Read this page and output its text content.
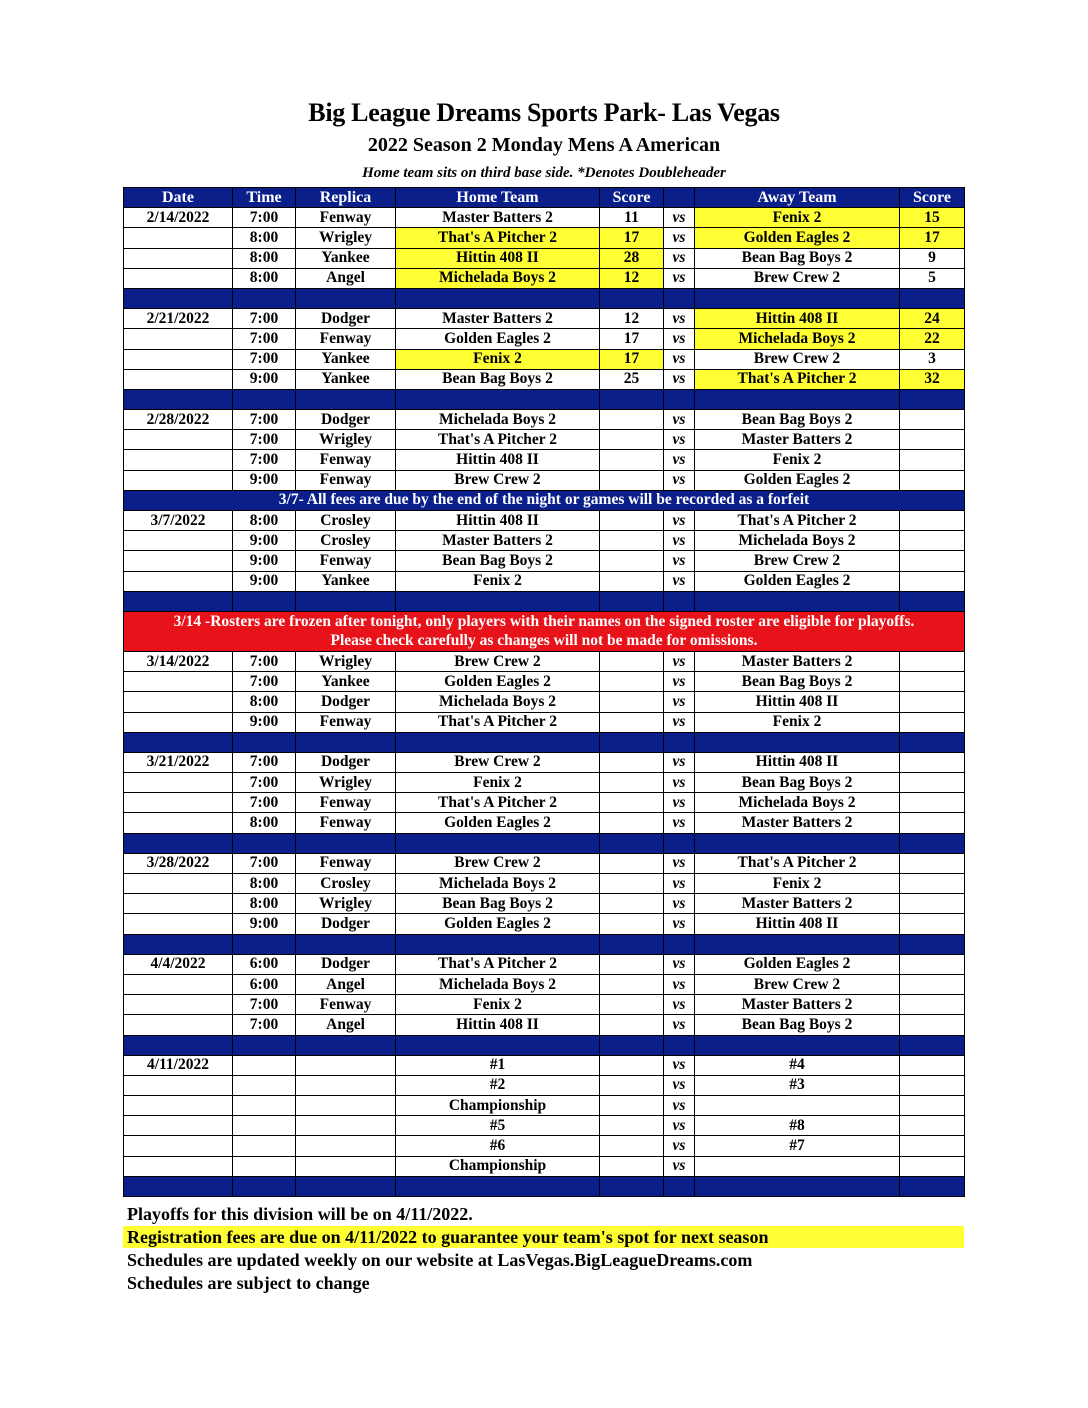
Big League Dreams Sports Park- Las Vegas
2022 Season 2 Monday Mens A American
Home team sits on third base side. *Denotes Doubleheader
Date	Time	Replica	Home Team	Score		Away Team	Score
2/14/2022	7:00	Fenway	Master Batters 2	11	vs	Fenix 2	15
	8:00	Wrigley	That's A Pitcher 2	17	vs	Golden Eagles 2	17
	8:00	Yankee	Hittin 408 II	28	vs	Bean Bag Boys 2	9
	8:00	Angel	Michelada Boys 2	12	vs	Brew Crew 2	5

2/21/2022	7:00	Dodger	Master Batters 2	12	vs	Hittin 408 II	24
	7:00	Fenway	Golden Eagles 2	17	vs	Michelada Boys 2	22
	7:00	Yankee	Fenix 2	17	vs	Brew Crew 2	3
	9:00	Yankee	Bean Bag Boys 2	25	vs	That's A Pitcher 2	32

2/28/2022	7:00	Dodger	Michelada Boys 2		vs	Bean Bag Boys 2	
	7:00	Wrigley	That's A Pitcher 2		vs	Master Batters 2	
	7:00	Fenway	Hittin 408 II		vs	Fenix 2	
	9:00	Fenway	Brew Crew 2		vs	Golden Eagles 2	
3/7- All fees are due by the end of the night or games will be recorded as a forfeit							
3/7/2022	8:00	Crosley	Hittin 408 II		vs	That's A Pitcher 2	
	9:00	Crosley	Master Batters 2		vs	Michelada Boys 2	
	9:00	Fenway	Bean Bag Boys 2		vs	Brew Crew 2	
	9:00	Yankee	Fenix 2		vs	Golden Eagles 2	

3/14 -Rosters are frozen after tonight, only players with their names on the signed roster are eligible for playoffs.
Please check carefully as changes will not be made for omissions.							

3/14/2022	7:00	Wrigley	Brew Crew 2		vs	Master Batters 2	
	7:00	Yankee	Golden Eagles 2		vs	Bean Bag Boys 2	
	8:00	Dodger	Michelada Boys 2		vs	Hittin 408 II	
	9:00	Fenway	That's A Pitcher 2		vs	Fenix 2	

3/21/2022	7:00	Dodger	Brew Crew 2		vs	Hittin 408 II	
	7:00	Wrigley	Fenix 2		vs	Bean Bag Boys 2	
	7:00	Fenway	That's A Pitcher 2		vs	Michelada Boys 2	
	8:00	Fenway	Golden Eagles 2		vs	Master Batters 2	

3/28/2022	7:00	Fenway	Brew Crew 2		vs	That's A Pitcher 2	
	8:00	Crosley	Michelada Boys 2		vs	Fenix 2	
	8:00	Wrigley	Bean Bag Boys 2		vs	Master Batters 2	
	9:00	Dodger	Golden Eagles 2		vs	Hittin 408 II	

4/4/2022	6:00	Dodger	That's A Pitcher 2		vs	Golden Eagles 2	
	6:00	Angel	Michelada Boys 2		vs	Brew Crew 2	
	7:00	Fenway	Fenix 2		vs	Master Batters 2	
	7:00	Angel	Hittin 408 II		vs	Bean Bag Boys 2	

4/11/2022			#1		vs	#4	
			#2		vs	#3	
			Championship		vs		
			#5		vs	#8	
			#6		vs	#7	
			Championship		vs		

Playoffs for this division will be on 4/11/2022.
Registration fees are due on 4/11/2022 to guarantee your team's spot for next season
Schedules are updated weekly on our website at LasVegas.BigLeagueDreams.com
Schedules are subject to change
